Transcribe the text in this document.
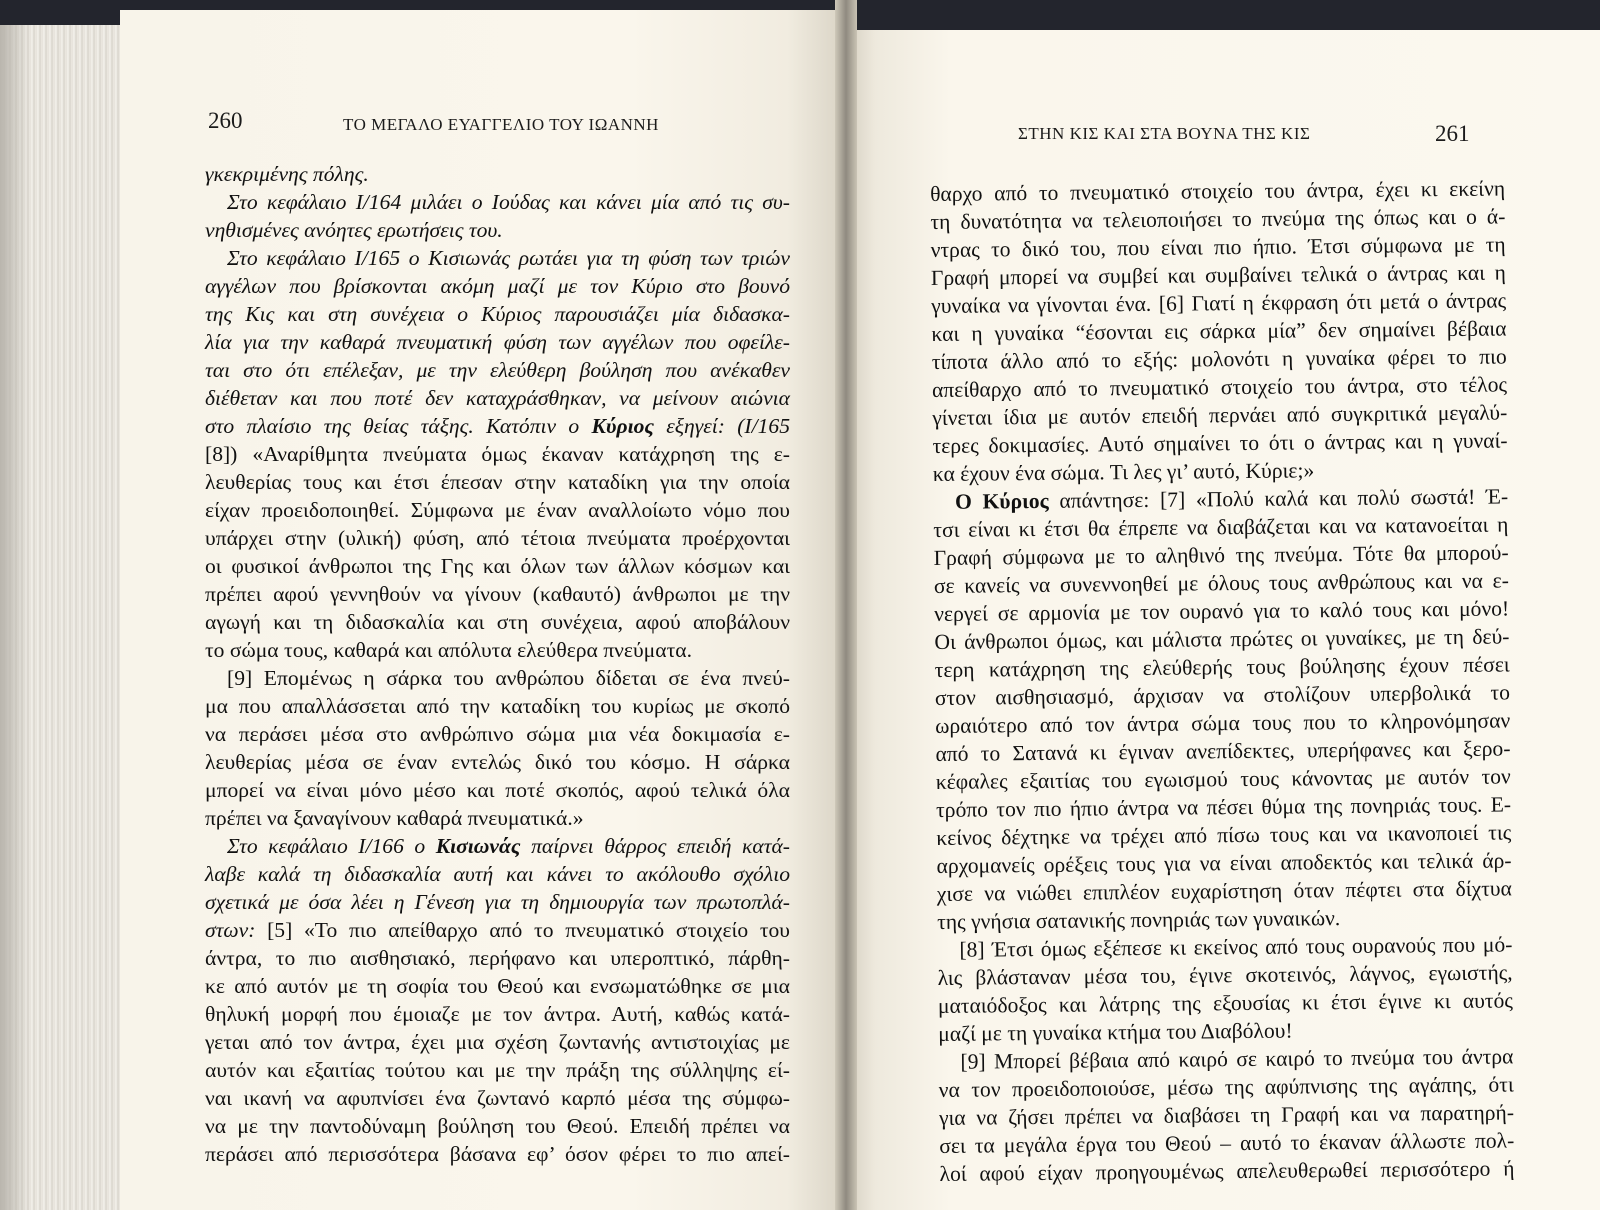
260	ΤΟ ΜΕΓΑΛΟ ΕΥΑΓΓΕΛΙΟ ΤΟΥ ΙΩΑΝΝΗ	ΣΤΗΝ ΚΙΣ ΚΑΙ ΣΤΑ ΒΟΥΝΑ ΤΗΣ ΚΙΣ	261
γκεκριμένης πόλης.
Στο κεφάλαιο Ι/164 μιλάει ο Ιούδας και κάνει μία από τις συ-
νηθισμένες ανόητες ερωτήσεις του.
Στο κεφάλαιο Ι/165 ο Κισιωνάς ρωτάει για τη φύση των τριών
αγγέλων που βρίσκονται ακόμη μαζί με τον Κύριο στο βουνό
της Κις και στη συνέχεια ο Κύριος παρουσιάζει μία διδασκα-
λία για την καθαρά πνευματική φύση των αγγέλων που οφείλε-
ται στο ότι επέλεξαν, με την ελεύθερη βούληση που ανέκαθεν
διέθεταν και που ποτέ δεν καταχράσθηκαν, να μείνουν αιώνια
στο πλαίσιο της θείας τάξης. Κατόπιν ο Κύριος εξηγεί: (Ι/165
[8]) «Αναρίθμητα πνεύματα όμως έκαναν κατάχρηση της ε-
λευθερίας τους και έτσι έπεσαν στην καταδίκη για την οποία
είχαν προειδοποιηθεί. Σύμφωνα με έναν αναλλοίωτο νόμο που
υπάρχει στην (υλική) φύση, από τέτοια πνεύματα προέρχονται
οι φυσικοί άνθρωποι της Γης και όλων των άλλων κόσμων και
πρέπει αφού γεννηθούν να γίνουν (καθαυτό) άνθρωποι με την
αγωγή και τη διδασκαλία και στη συνέχεια, αφού αποβάλουν
το σώμα τους, καθαρά και απόλυτα ελεύθερα πνεύματα.
[9] Επομένως η σάρκα του ανθρώπου δίδεται σε ένα πνεύ-
μα που απαλλάσσεται από την καταδίκη του κυρίως με σκοπό
να περάσει μέσα στο ανθρώπινο σώμα μια νέα δοκιμασία ε-
λευθερίας μέσα σε έναν εντελώς δικό του κόσμο. Η σάρκα
μπορεί να είναι μόνο μέσο και ποτέ σκοπός, αφού τελικά όλα
πρέπει να ξαναγίνουν καθαρά πνευματικά.»
Στο κεφάλαιο Ι/166 ο Κισιωνάς παίρνει θάρρος επειδή κατά-
λαβε καλά τη διδασκαλία αυτή και κάνει το ακόλουθο σχόλιο
σχετικά με όσα λέει η Γένεση για τη δημιουργία των πρωτοπλά-
στων: [5] «Το πιο απείθαρχο από το πνευματικό στοιχείο του
άντρα, το πιο αισθησιακό, περήφανο και υπεροπτικό, πάρθη-
κε από αυτόν με τη σοφία του Θεού και ενσωματώθηκε σε μια
θηλυκή μορφή που έμοιαζε με τον άντρα. Αυτή, καθώς κατά-
γεται από τον άντρα, έχει μια σχέση ζωντανής αντιστοιχίας με
αυτόν και εξαιτίας τούτου και με την πράξη της σύλληψης εί-
ναι ικανή να αφυπνίσει ένα ζωντανό καρπό μέσα της σύμφω-
να με την παντοδύναμη βούληση του Θεού. Επειδή πρέπει να
περάσει από περισσότερα βάσανα εφ’ όσον φέρει το πιο απεί-
θαρχο από το πνευματικό στοιχείο του άντρα, έχει κι εκείνη
τη δυνατότητα να τελειοποιήσει το πνεύμα της όπως και ο ά-
ντρας το δικό του, που είναι πιο ήπιο. Έτσι σύμφωνα με τη
Γραφή μπορεί να συμβεί και συμβαίνει τελικά ο άντρας και η
γυναίκα να γίνονται ένα. [6] Γιατί η έκφραση ότι μετά ο άντρας
και η γυναίκα “έσονται εις σάρκα μία” δεν σημαίνει βέβαια
τίποτα άλλο από το εξής: μολονότι η γυναίκα φέρει το πιο
απείθαρχο από το πνευματικό στοιχείο του άντρα, στο τέλος
γίνεται ίδια με αυτόν επειδή περνάει από συγκριτικά μεγαλύ-
τερες δοκιμασίες. Αυτό σημαίνει το ότι ο άντρας και η γυναί-
κα έχουν ένα σώμα. Τι λες γι’ αυτό, Κύριε;»
Ο Κύριος απάντησε: [7] «Πολύ καλά και πολύ σωστά! Έ-
τσι είναι κι έτσι θα έπρεπε να διαβάζεται και να κατανοείται η
Γραφή σύμφωνα με το αληθινό της πνεύμα. Τότε θα μπορού-
σε κανείς να συνεννοηθεί με όλους τους ανθρώπους και να ε-
νεργεί σε αρμονία με τον ουρανό για το καλό τους και μόνο!
Οι άνθρωποι όμως, και μάλιστα πρώτες οι γυναίκες, με τη δεύ-
τερη κατάχρηση της ελεύθερής τους βούλησης έχουν πέσει
στον αισθησιασμό, άρχισαν να στολίζουν υπερβολικά το
ωραιότερο από τον άντρα σώμα τους που το κληρονόμησαν
από το Σατανά κι έγιναν ανεπίδεκτες, υπερήφανες και ξερο-
κέφαλες εξαιτίας του εγωισμού τους κάνοντας με αυτόν τον
τρόπο τον πιο ήπιο άντρα να πέσει θύμα της πονηριάς τους. Ε-
κείνος δέχτηκε να τρέχει από πίσω τους και να ικανοποιεί τις
αρχομανείς ορέξεις τους για να είναι αποδεκτός και τελικά άρ-
χισε να νιώθει επιπλέον ευχαρίστηση όταν πέφτει στα δίχτυα
της γνήσια σατανικής πονηριάς των γυναικών.
[8] Έτσι όμως εξέπεσε κι εκείνος από τους ουρανούς που μό-
λις βλάσταναν μέσα του, έγινε σκοτεινός, λάγνος, εγωιστής,
ματαιόδοξος και λάτρης της εξουσίας κι έτσι έγινε κι αυτός
μαζί με τη γυναίκα κτήμα του Διαβόλου!
[9] Μπορεί βέβαια από καιρό σε καιρό το πνεύμα του άντρα
να τον προειδοποιούσε, μέσω της αφύπνισης της αγάπης, ότι
για να ζήσει πρέπει να διαβάσει τη Γραφή και να παρατηρή-
σει τα μεγάλα έργα του Θεού – αυτό το έκαναν άλλωστε πολ-
λοί αφού είχαν προηγουμένως απελευθερωθεί περισσότερο ή
